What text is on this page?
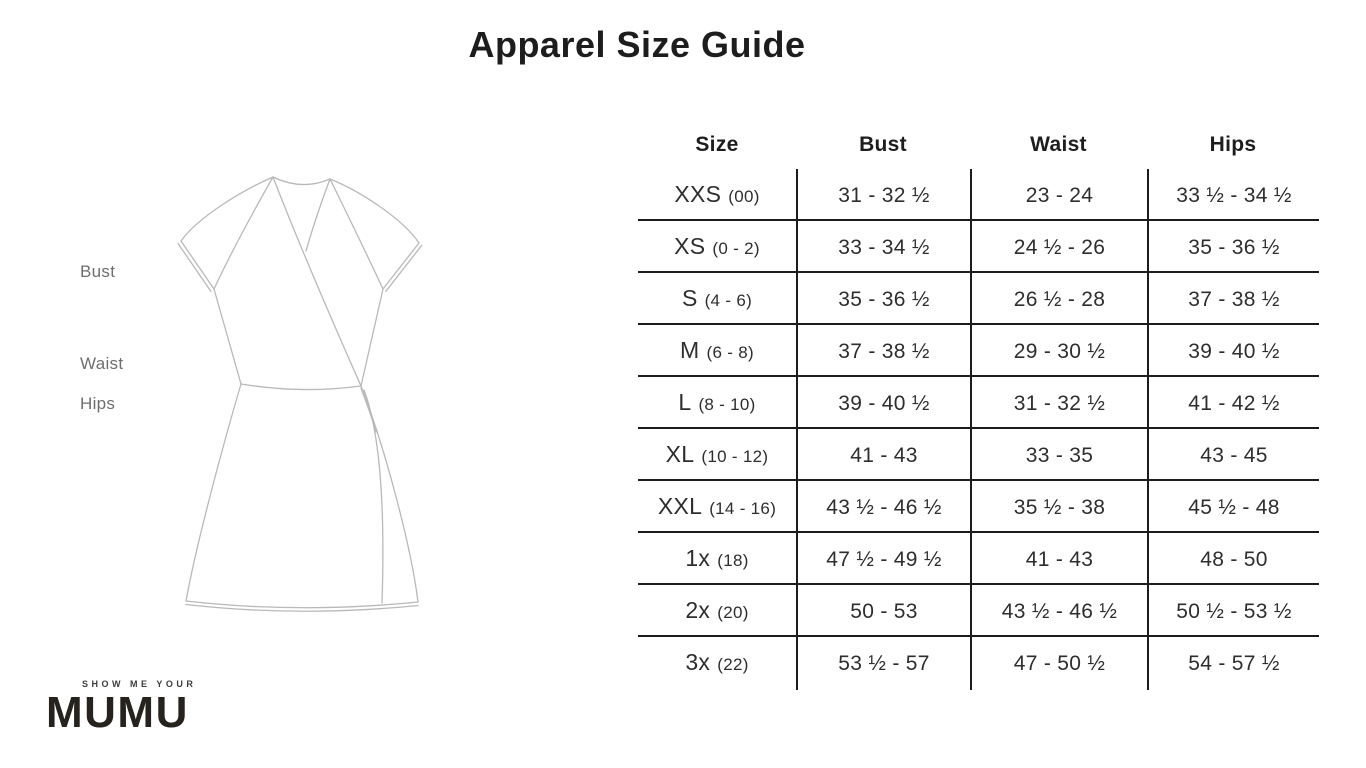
Apparel Size Guide
Bust
Waist
Hips
Size	Bust	Waist	Hips
XXS (00)	31 - 32 ½	23 - 24	33 ½ - 34 ½
XS (0 - 2)	33 - 34 ½	24 ½ - 26	35 - 36 ½
S (4 - 6)	35 - 36 ½	26 ½ - 28	37 - 38 ½
M (6 - 8)	37 - 38 ½	29 - 30 ½	39 - 40 ½
L (8 - 10)	39 - 40 ½	31 - 32 ½	41 - 42 ½
XL (10 - 12)	41 - 43	33 - 35	43 - 45
XXL (14 - 16)	43 ½ - 46 ½	35 ½ - 38	45 ½ - 48
1x (18)	47 ½ - 49 ½	41 - 43	48 - 50
2x (20)	50 - 53	43 ½ - 46 ½	50 ½ - 53 ½
3x (22)	53 ½ - 57	47 - 50 ½	54 - 57 ½
SHOW ME YOUR
MUMU
